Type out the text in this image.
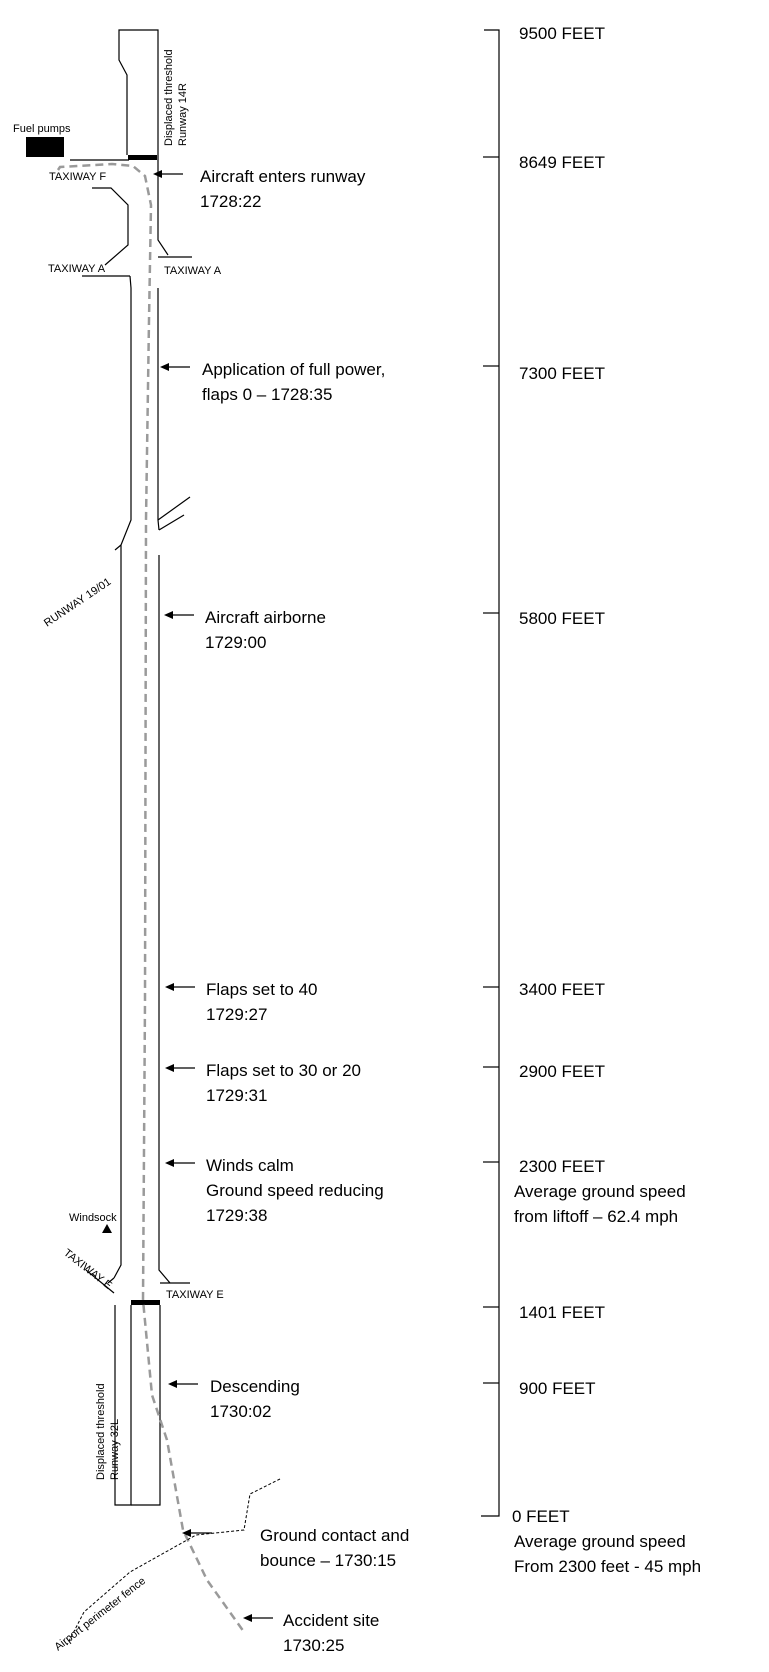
Fuel pumps
TAXIWAY F
TAXIWAY A	TAXIWAY A
Windsock
TAXIWAY E
Displaced threshold Runway 14R
Displaced threshold Runway 32L
RUNWAY 19/01
TAXIWAY E
Airport perimeter fence
Aircraft enters runway
1728:22
Application of full power,
flaps 0 – 1728:35
Aircraft airborne
1729:00
Flaps set to 40
1729:27
Flaps set to 30 or 20
1729:31
Winds calm
Ground speed reducing
1729:38
Descending
1730:02
Ground contact and
bounce – 1730:15
Accident site
1730:25
9500 FEET
8649 FEET
7300 FEET
5800 FEET
3400 FEET
2900 FEET
2300 FEET
Average ground speed
from liftoff – 62.4 mph
1401 FEET
900 FEET
0 FEET
Average ground speed
From 2300 feet - 45 mph
